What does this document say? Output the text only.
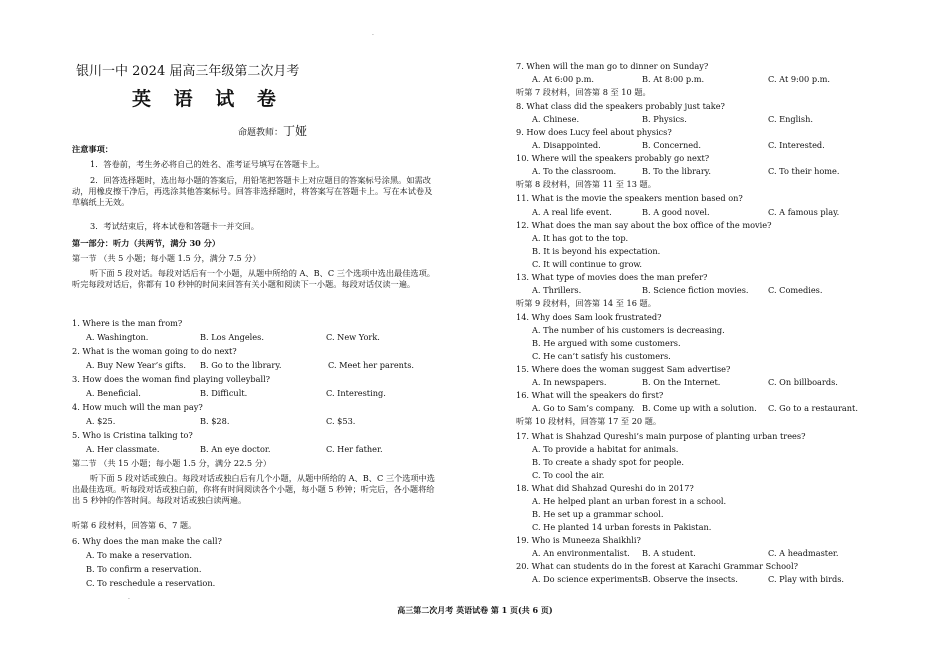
.
.
银川一中 2024 届高三年级第二次月考
英 语 试 卷
命题教师：丁娅
注意事项：
1．答卷前，考生务必将自己的姓名、准考证号填写在答题卡上。
2．回答选择题时，选出每小题的答案后，用铅笔把答题卡上对应题目的答案标号涂黑。如需改动，用橡皮擦干净后，再选涂其他答案标号。回答非选择题时，将答案写在答题卡上。写在本试卷及草稿纸上无效。
3．考试结束后，将本试卷和答题卡一并交回。
第一部分：听力（共两节，满分 30 分）
第一节 （共 5 小题；每小题 1.5 分，满分 7.5 分）
听下面 5 段对话。每段对话后有一个小题，从题中所给的 A、B、C 三个选项中选出最佳选项。听完每段对话后，你都有 10 秒钟的时间来回答有关小题和阅读下一小题。每段对话仅读一遍。
1. Where is the man from?
A. Washington.	B. Los Angeles.	C. New York.
2. What is the woman going to do next?
A. Buy New Year’s gifts. B. Go to the library.	C. Meet her parents.
3. How does the woman find playing volleyball?
A. Beneficial.	B. Difficult.	C. Interesting.
4. How much will the man pay?
A. $25.	B. $28.	C. $53.
5. Who is Cristina talking to?
A. Her classmate.	B. An eye doctor.	C. Her father.
第二节 （共 15 小题；每小题 1.5 分，满分 22.5 分）
听下面 5 段对话或独白。每段对话或独白后有几个小题，从题中所给的 A、B、C 三个选项中选出最佳选项。听每段对话或独白前，你将有时间阅读各个小题，每小题 5 秒钟；听完后，各小题将给出 5 秒钟的作答时间。每段对话或独白读两遍。
听第 6 段材料，回答第 6、7 题。
6. Why does the man make the call?
A. To make a reservation.
B. To confirm a reservation.
C. To reschedule a reservation.
7. When will the man go to dinner on Sunday?
A. At 6:00 p.m.	B. At 8:00 p.m.	C. At 9:00 p.m.
听第 7 段材料，回答第 8 至 10 题。
8. What class did the speakers probably just take?
A. Chinese.	B. Physics.	C. English.
9. How does Lucy feel about physics?
A. Disappointed.	B. Concerned.	C. Interested.
10. Where will the speakers probably go next?
A. To the classroom.	B. To the library.	C. To their home.
听第 8 段材料，回答第 11 至 13 题。
11. What is the movie the speakers mention based on?
A. A real life event.	B. A good novel.	C. A famous play.
12. What does the man say about the box office of the movie?
A. It has got to the top.
B. It is beyond his expectation.
C. It will continue to grow.
13. What type of movies does the man prefer?
A. Thrillers.	B. Science fiction movies. C. Comedies.
听第 9 段材料，回答第 14 至 16 题。
14. Why does Sam look frustrated?
A. The number of his customers is decreasing.
B. He argued with some customers.
C. He can’t satisfy his customers.
15. Where does the woman suggest Sam advertise?
A. In newspapers.	B. On the Internet.	C. On billboards.
16. What will the speakers do first?
A. Go to Sam’s company. B. Come up with a solution. C. Go to a restaurant.
听第 10 段材料，回答第 17 至 20 题。
17. What is Shahzad Qureshi’s main purpose of planting urban trees?
A. To provide a habitat for animals.
B. To create a shady spot for people.
C. To cool the air.
18. What did Shahzad Qureshi do in 2017?
A. He helped plant an urban forest in a school.
B. He set up a grammar school.
C. He planted 14 urban forests in Pakistan.
19. Who is Muneeza Shaikhli?
A. An environmentalist. B. A student.	C. A headmaster.
20. What can students do in the forest at Karachi Grammar School?
A. Do science experiments.
B. Observe the insects.	C. Play with birds.
高三第二次月考 英语试卷 第 1 页(共 6 页)
